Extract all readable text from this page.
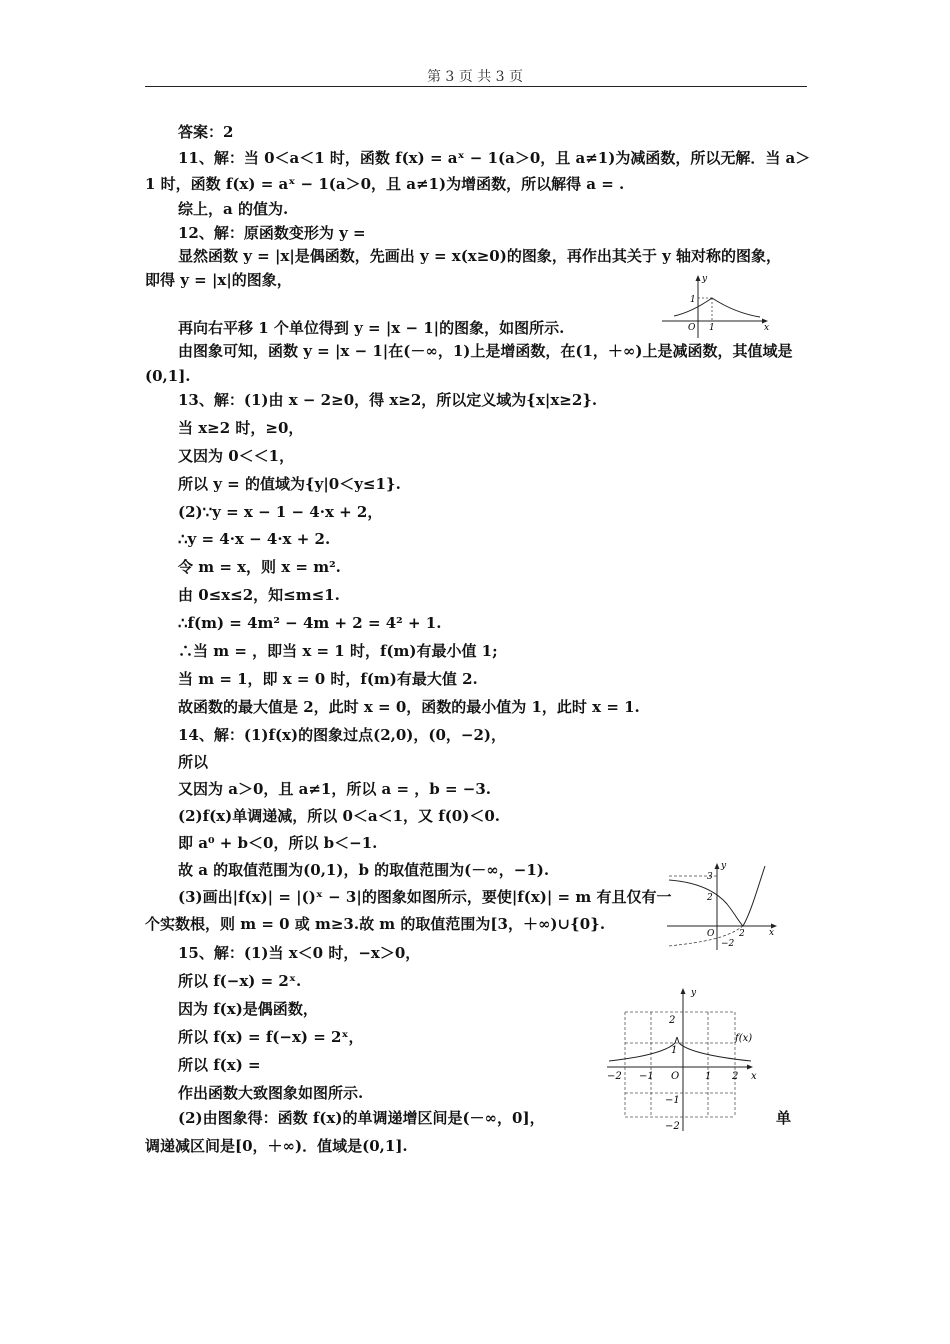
第 3 页 共 3 页
答案：2
11、解：当 0＜a＜1 时，函数 f(x) = aˣ − 1(a＞0，且 a≠1)为减函数，所以无解．当 a＞
1 时，函数 f(x) = aˣ − 1(a＞0，且 a≠1)为增函数，所以解得 a = .
综上，a 的值为.
12、解：原函数变形为 y =
显然函数 y = |x|是偶函数，先画出 y = x(x≥0)的图象，再作出其关于 y 轴对称的图象，
即得 y = |x|的图象，
再向右平移 1 个单位得到 y = |x − 1|的图象，如图所示.
由图象可知，函数 y = |x − 1|在(－∞，1)上是增函数，在(1，＋∞)上是减函数，其值域是
(0,1].
13、解：(1)由 x − 2≥0，得 x≥2，所以定义域为{x|x≥2}.
当 x≥2 时，≥0，
又因为 0＜＜1，
所以 y = 的值域为{y|0＜y≤1}.
(2)∵y = x − 1 − 4·x + 2，
∴y = 4·x − 4·x + 2.
令 m = x，则 x = m².
由 0≤x≤2，知≤m≤1.
∴f(m) = 4m² − 4m + 2 = 4² + 1.
∴当 m = ，即当 x = 1 时，f(m)有最小值 1;
当 m = 1，即 x = 0 时，f(m)有最大值 2.
故函数的最大值是 2，此时 x = 0，函数的最小值为 1，此时 x = 1.
14、解：(1)f(x)的图象过点(2,0)，(0，−2)，
所以
又因为 a＞0，且 a≠1，所以 a = ，b = −3.
(2)f(x)单调递减，所以 0＜a＜1，又 f(0)＜0.
即 a⁰ + b＜0，所以 b＜−1.
故 a 的取值范围为(0,1)，b 的取值范围为(－∞，−1).
(3)画出|f(x)| = |()ˣ − 3|的图象如图所示，要使|f(x)| = m 有且仅有一
个实数根，则 m = 0 或 m≥3.故 m 的取值范围为[3，＋∞)∪{0}.
15、解：(1)当 x＜0 时，−x＞0，
所以 f(−x) = 2ˣ.
因为 f(x)是偶函数，
所以 f(x) = f(−x) = 2ˣ，
所以 f(x) =
作出函数大致图象如图所示.
(2)由图象得：函数 f(x)的单调递增区间是(－∞，0]，	单
调递减区间是[0，＋∞)．值域是(0,1].
y
1
O 1	x
y
3
2
O	2
−2
x
y
2
1
−1
−2
−2 −1 O	1 2 x
f(x)
